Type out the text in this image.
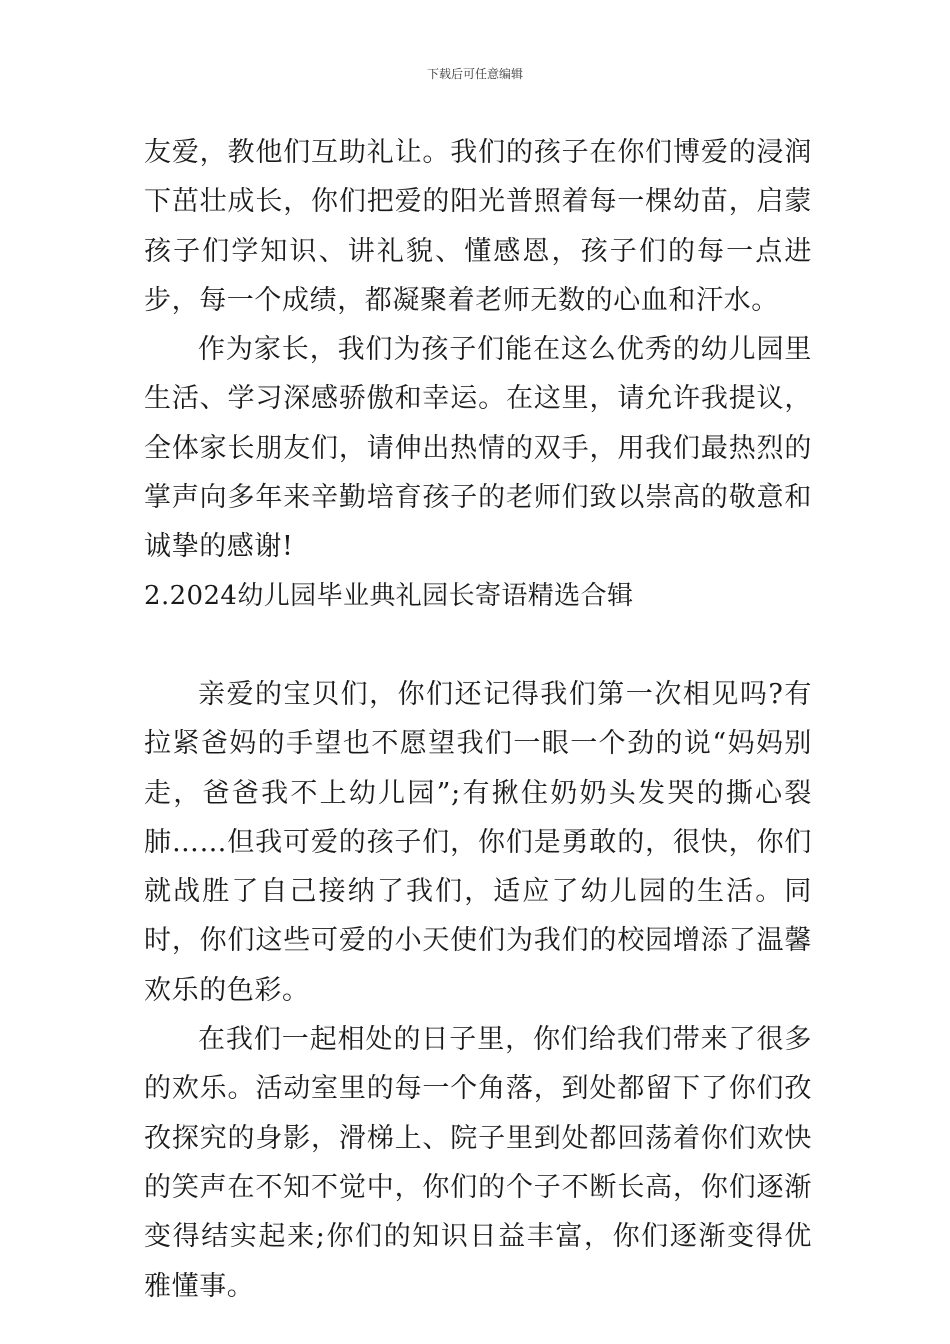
下载后可任意编辑

友爱，教他们互助礼让。我们的孩子在你们博爱的浸润下茁壮成长，你们把爱的阳光普照着每一棵幼苗，启蒙孩子们学知识、讲礼貌、懂感恩，孩子们的每一点进步，每一个成绩，都凝聚着老师无数的心血和汗水。

作为家长，我们为孩子们能在这么优秀的幼儿园里生活、学习深感骄傲和幸运。在这里，请允许我提议，全体家长朋友们，请伸出热情的双手，用我们最热烈的掌声向多年来辛勤培育孩子的老师们致以崇高的敬意和诚挚的感谢!

2.2024幼儿园毕业典礼园长寄语精选合辑

亲爱的宝贝们，你们还记得我们第一次相见吗?有拉紧爸妈的手望也不愿望我们一眼一个劲的说“妈妈别走，爸爸我不上幼儿园”;有揪住奶奶头发哭的撕心裂肺……但我可爱的孩子们，你们是勇敢的，很快，你们就战胜了自己接纳了我们，适应了幼儿园的生活。同时，你们这些可爱的小天使们为我们的校园增添了温馨欢乐的色彩。

在我们一起相处的日子里，你们给我们带来了很多的欢乐。活动室里的每一个角落，到处都留下了你们孜孜探究的身影，滑梯上、院子里到处都回荡着你们欢快的笑声在不知不觉中，你们的个子不断长高，你们逐渐变得结实起来;你们的知识日益丰富，你们逐渐变得优雅懂事。
